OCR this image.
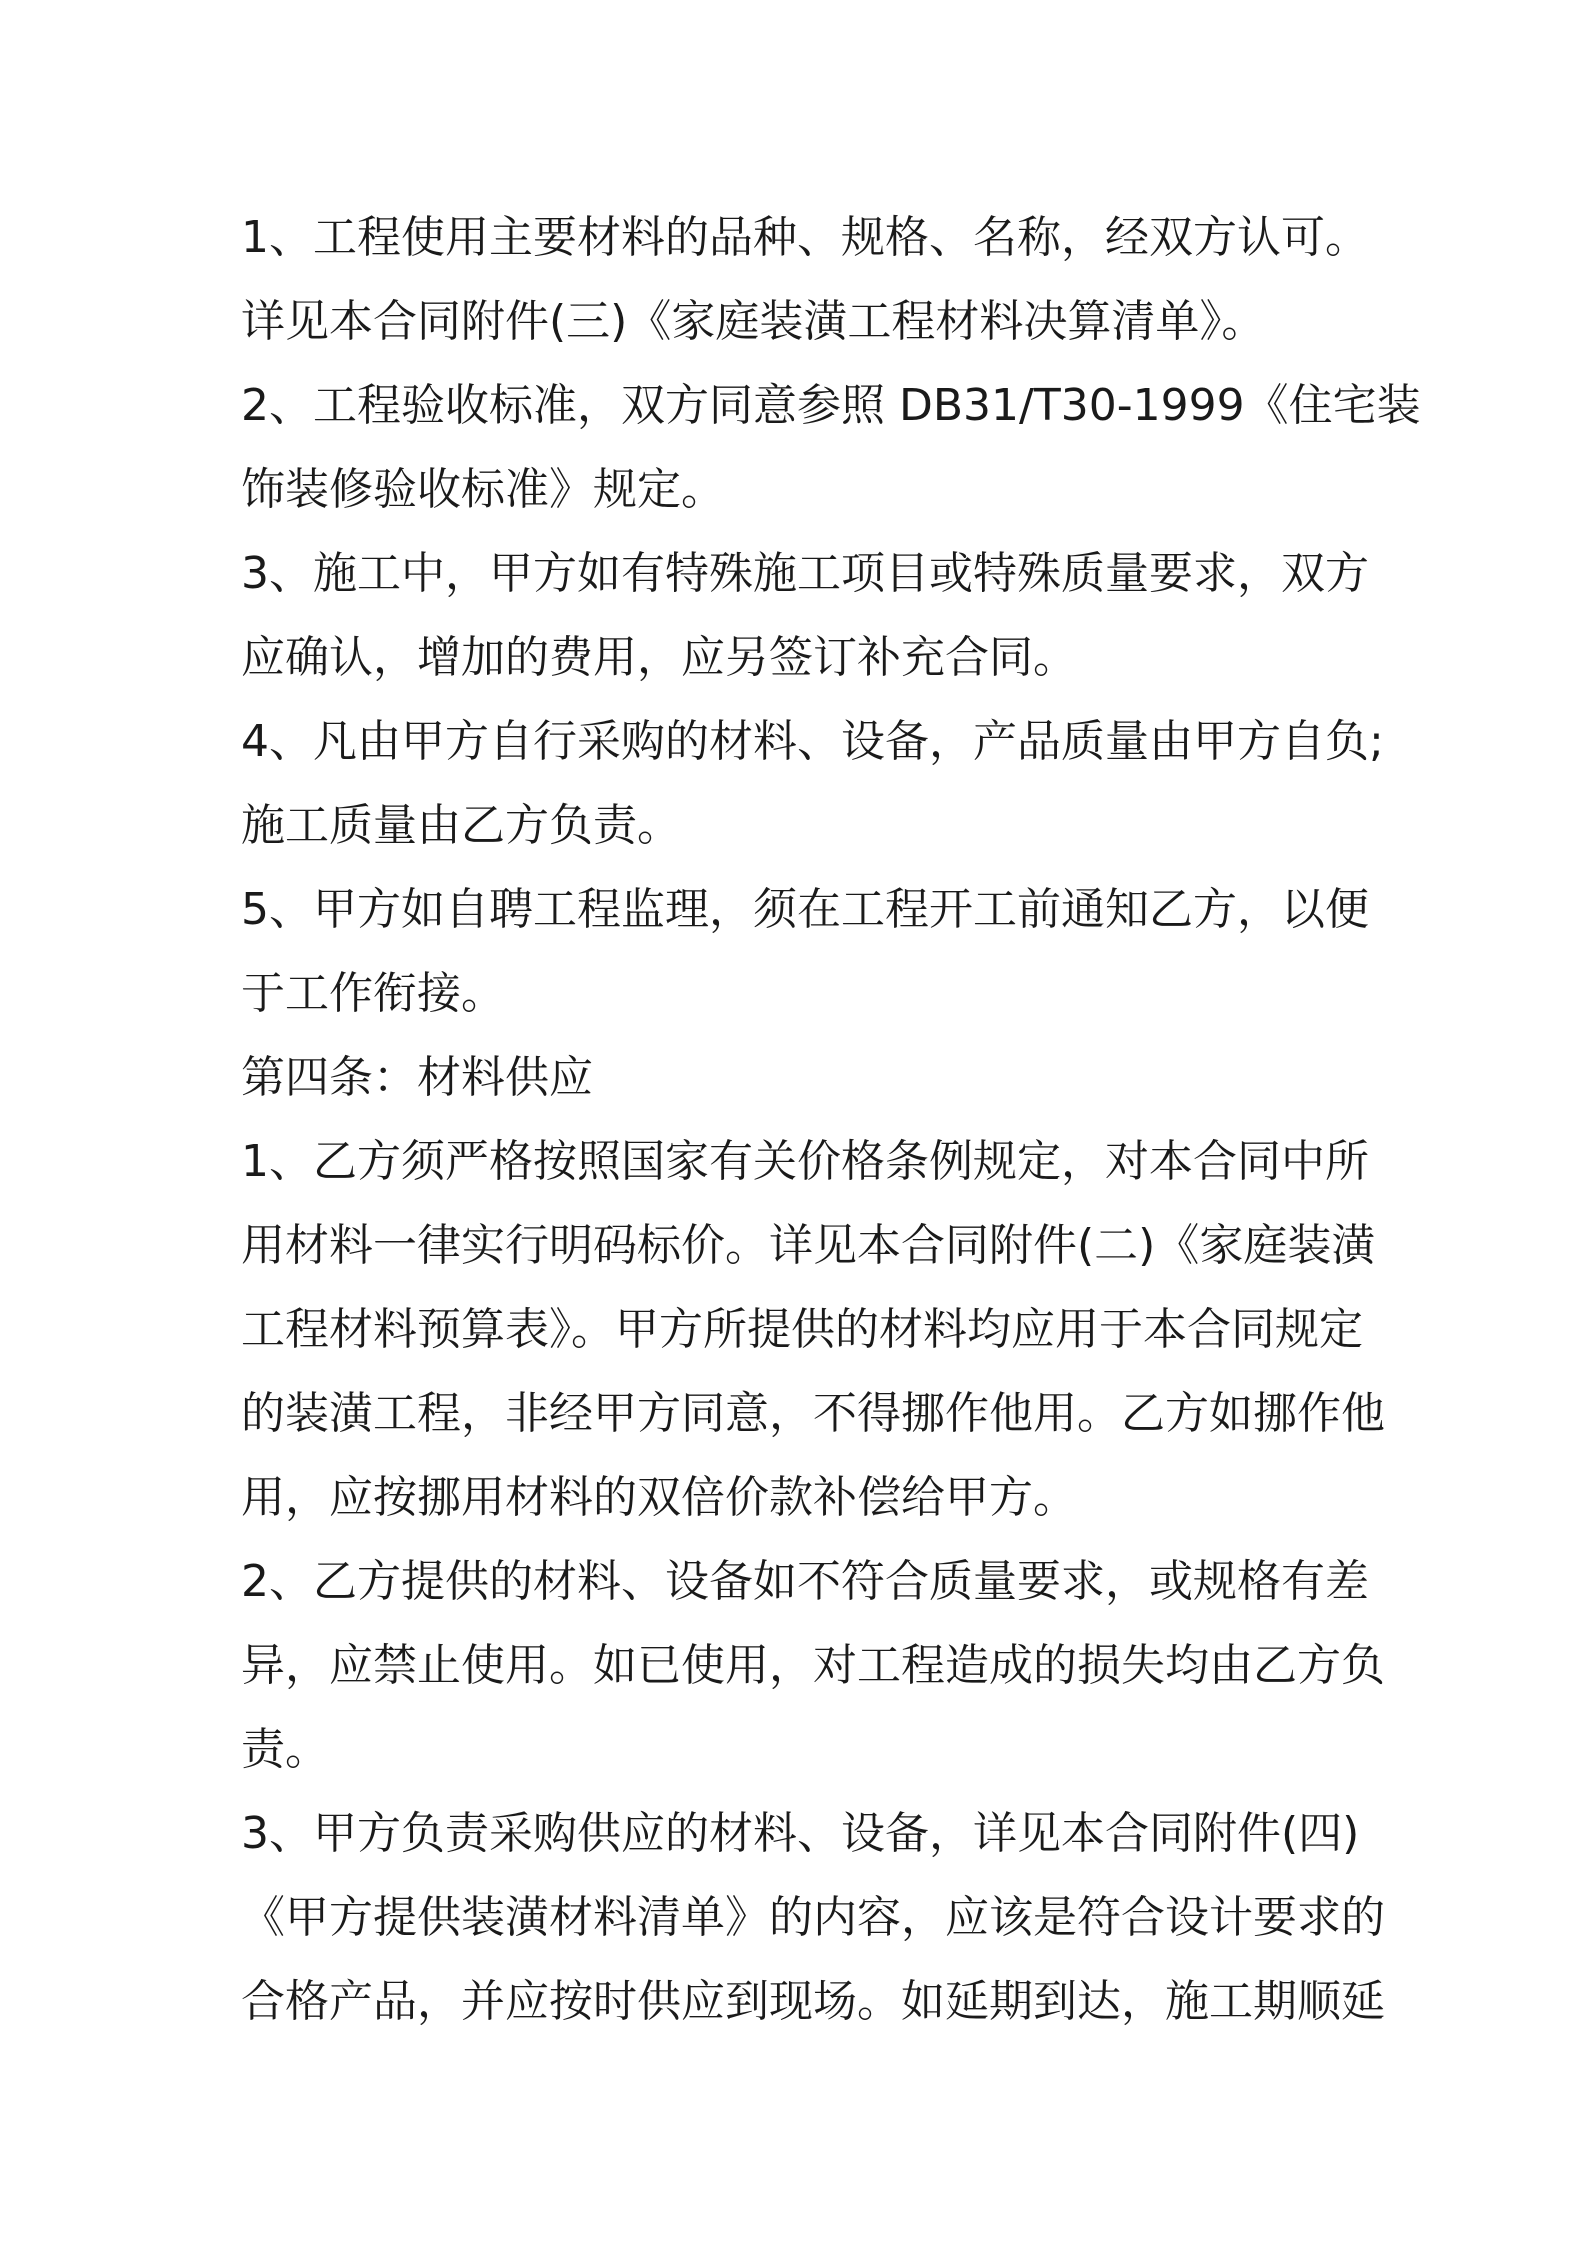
1、工程使用主要材料的品种、规格、名称，经双方认可。
详见本合同附件(三)《家庭装潢工程材料决算清单》。
2、工程验收标准，双方同意参照 DB31/T30-1999《住宅装
饰装修验收标准》规定。
3、施工中，甲方如有特殊施工项目或特殊质量要求，双方
应确认，增加的费用，应另签订补充合同。
4、凡由甲方自行采购的材料、设备，产品质量由甲方自负;
施工质量由乙方负责。
5、甲方如自聘工程监理，须在工程开工前通知乙方，以便
于工作衔接。
第四条：材料供应
1、乙方须严格按照国家有关价格条例规定，对本合同中所
用材料一律实行明码标价。详见本合同附件(二)《家庭装潢
工程材料预算表》。甲方所提供的材料均应用于本合同规定
的装潢工程，非经甲方同意，不得挪作他用。乙方如挪作他
用，应按挪用材料的双倍价款补偿给甲方。
2、乙方提供的材料、设备如不符合质量要求，或规格有差
异，应禁止使用。如已使用，对工程造成的损失均由乙方负
责。
3、甲方负责采购供应的材料、设备，详见本合同附件(四)
《甲方提供装潢材料清单》的内容，应该是符合设计要求的
合格产品，并应按时供应到现场。如延期到达，施工期顺延
